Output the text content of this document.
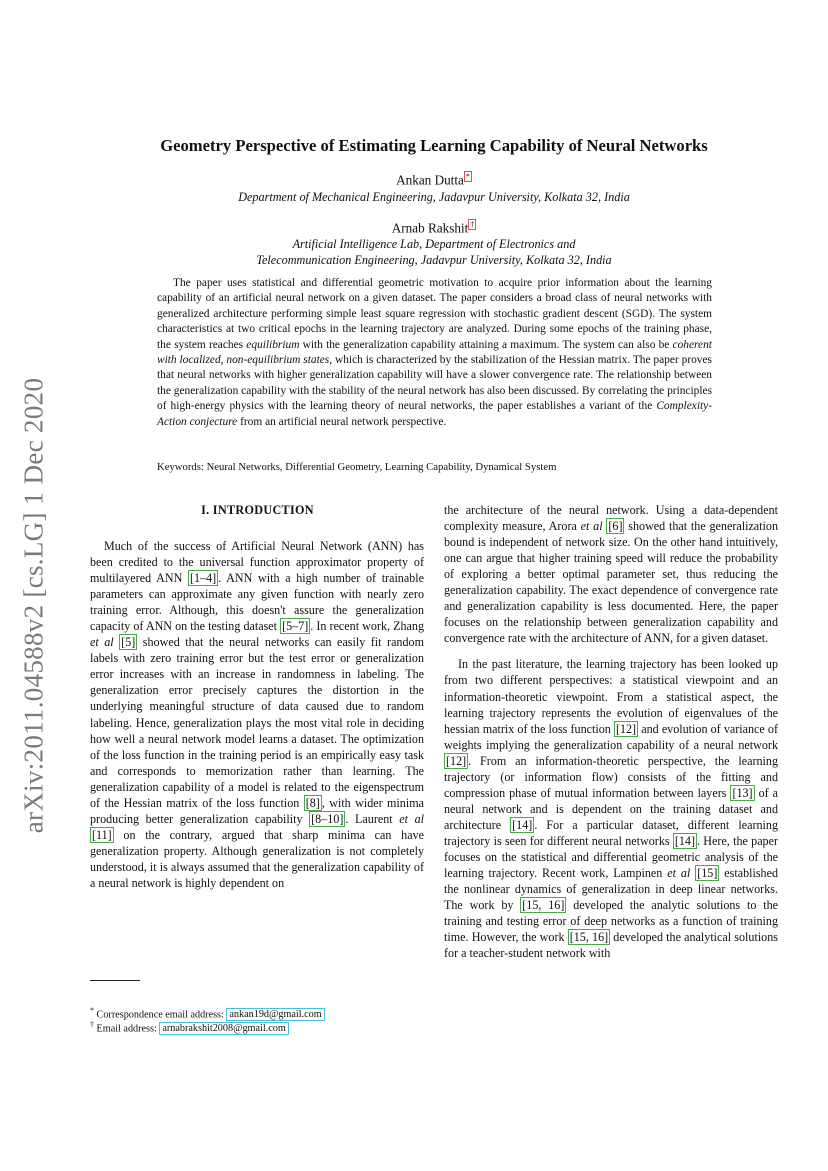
arXiv:2011.04588v2 [cs.LG] 1 Dec 2020
Geometry Perspective of Estimating Learning Capability of Neural Networks
Ankan Dutta *
Department of Mechanical Engineering, Jadavpur University, Kolkata 32, India
Arnab Rakshit †
Artificial Intelligence Lab, Department of Electronics and
Telecommunication Engineering, Jadavpur University, Kolkata 32, India
The paper uses statistical and differential geometric motivation to acquire prior information about the learning capability of an artificial neural network on a given dataset. The paper considers a broad class of neural networks with generalized architecture performing simple least square regression with stochastic gradient descent (SGD). The system characteristics at two critical epochs in the learning trajectory are analyzed. During some epochs of the training phase, the system reaches equilibrium with the generalization capability attaining a maximum. The system can also be coherent with localized, non-equilibrium states, which is characterized by the stabilization of the Hessian matrix. The paper proves that neural networks with higher generalization capability will have a slower convergence rate. The relationship between the generalization capability with the stability of the neural network has also been discussed. By correlating the principles of high-energy physics with the learning theory of neural networks, the paper establishes a variant of the Complexity-Action conjecture from an artificial neural network perspective.
Keywords: Neural Networks, Differential Geometry, Learning Capability, Dynamical System
I. INTRODUCTION

Much of the success of Artificial Neural Network (ANN) has been credited to the universal function approximator property of multilayered ANN [1–4] . ANN with a high number of trainable parameters can approximate any given function with nearly zero training error. Although, this doesn't assure the generalization capacity of ANN on the testing dataset [5–7] . In recent work, Zhang et al [5] showed that the neural networks can easily fit random labels with zero training error but the test error or generalization error increases with an increase in randomness in labeling. The generalization error precisely captures the distortion in the underlying meaningful structure of data caused due to random labeling. Hence, generalization plays the most vital role in deciding how well a neural network model learns a dataset. The optimization of the loss function in the training period is an empirically easy task and corresponds to memorization rather than learning. The generalization capability of a model is related to the eigenspectrum of the Hessian matrix of the loss function [8] , with wider minima producing better generalization capability [8–10] . Laurent et al [11] on the contrary, argued that sharp minima can have generalization property. Although generalization is not completely understood, it is always assumed that the generalization capability of a neural network is highly dependent on

the architecture of the neural network. Using a data-dependent complexity measure, Arora et al [6] showed that the generalization bound is independent of network size. On the other hand intuitively, one can argue that higher training speed will reduce the probability of exploring a better optimal parameter set, thus reducing the generalization capability. The exact dependence of convergence rate and generalization capability is less documented. Here, the paper focuses on the relationship between generalization capability and convergence rate with the architecture of ANN, for a given dataset.

In the past literature, the learning trajectory has been looked up from two different perspectives: a statistical viewpoint and an information-theoretic viewpoint. From a statistical aspect, the learning trajectory represents the evolution of eigenvalues of the hessian matrix of the loss function [12] and evolution of variance of weights implying the generalization capability of a neural network [12] . From an information-theoretic perspective, the learning trajectory (or information flow) consists of the fitting and compression phase of mutual information between layers [13] of a neural network and is dependent on the training dataset and architecture [14] . For a particular dataset, different learning trajectory is seen for different neural networks [14] . Here, the paper focuses on the statistical and differential geometric analysis of the learning trajectory. Recent work, Lampinen et al [15] established the nonlinear dynamics of generalization in deep linear networks. The work by [15, 16] developed the analytic solutions to the training and testing error of deep networks as a function of training time. However, the work [15, 16] developed the analytical solutions for a teacher-student network with

* Correspondence email address: ankan19d@gmail.com
† Email address: arnabrakshit2008@gmail.com
